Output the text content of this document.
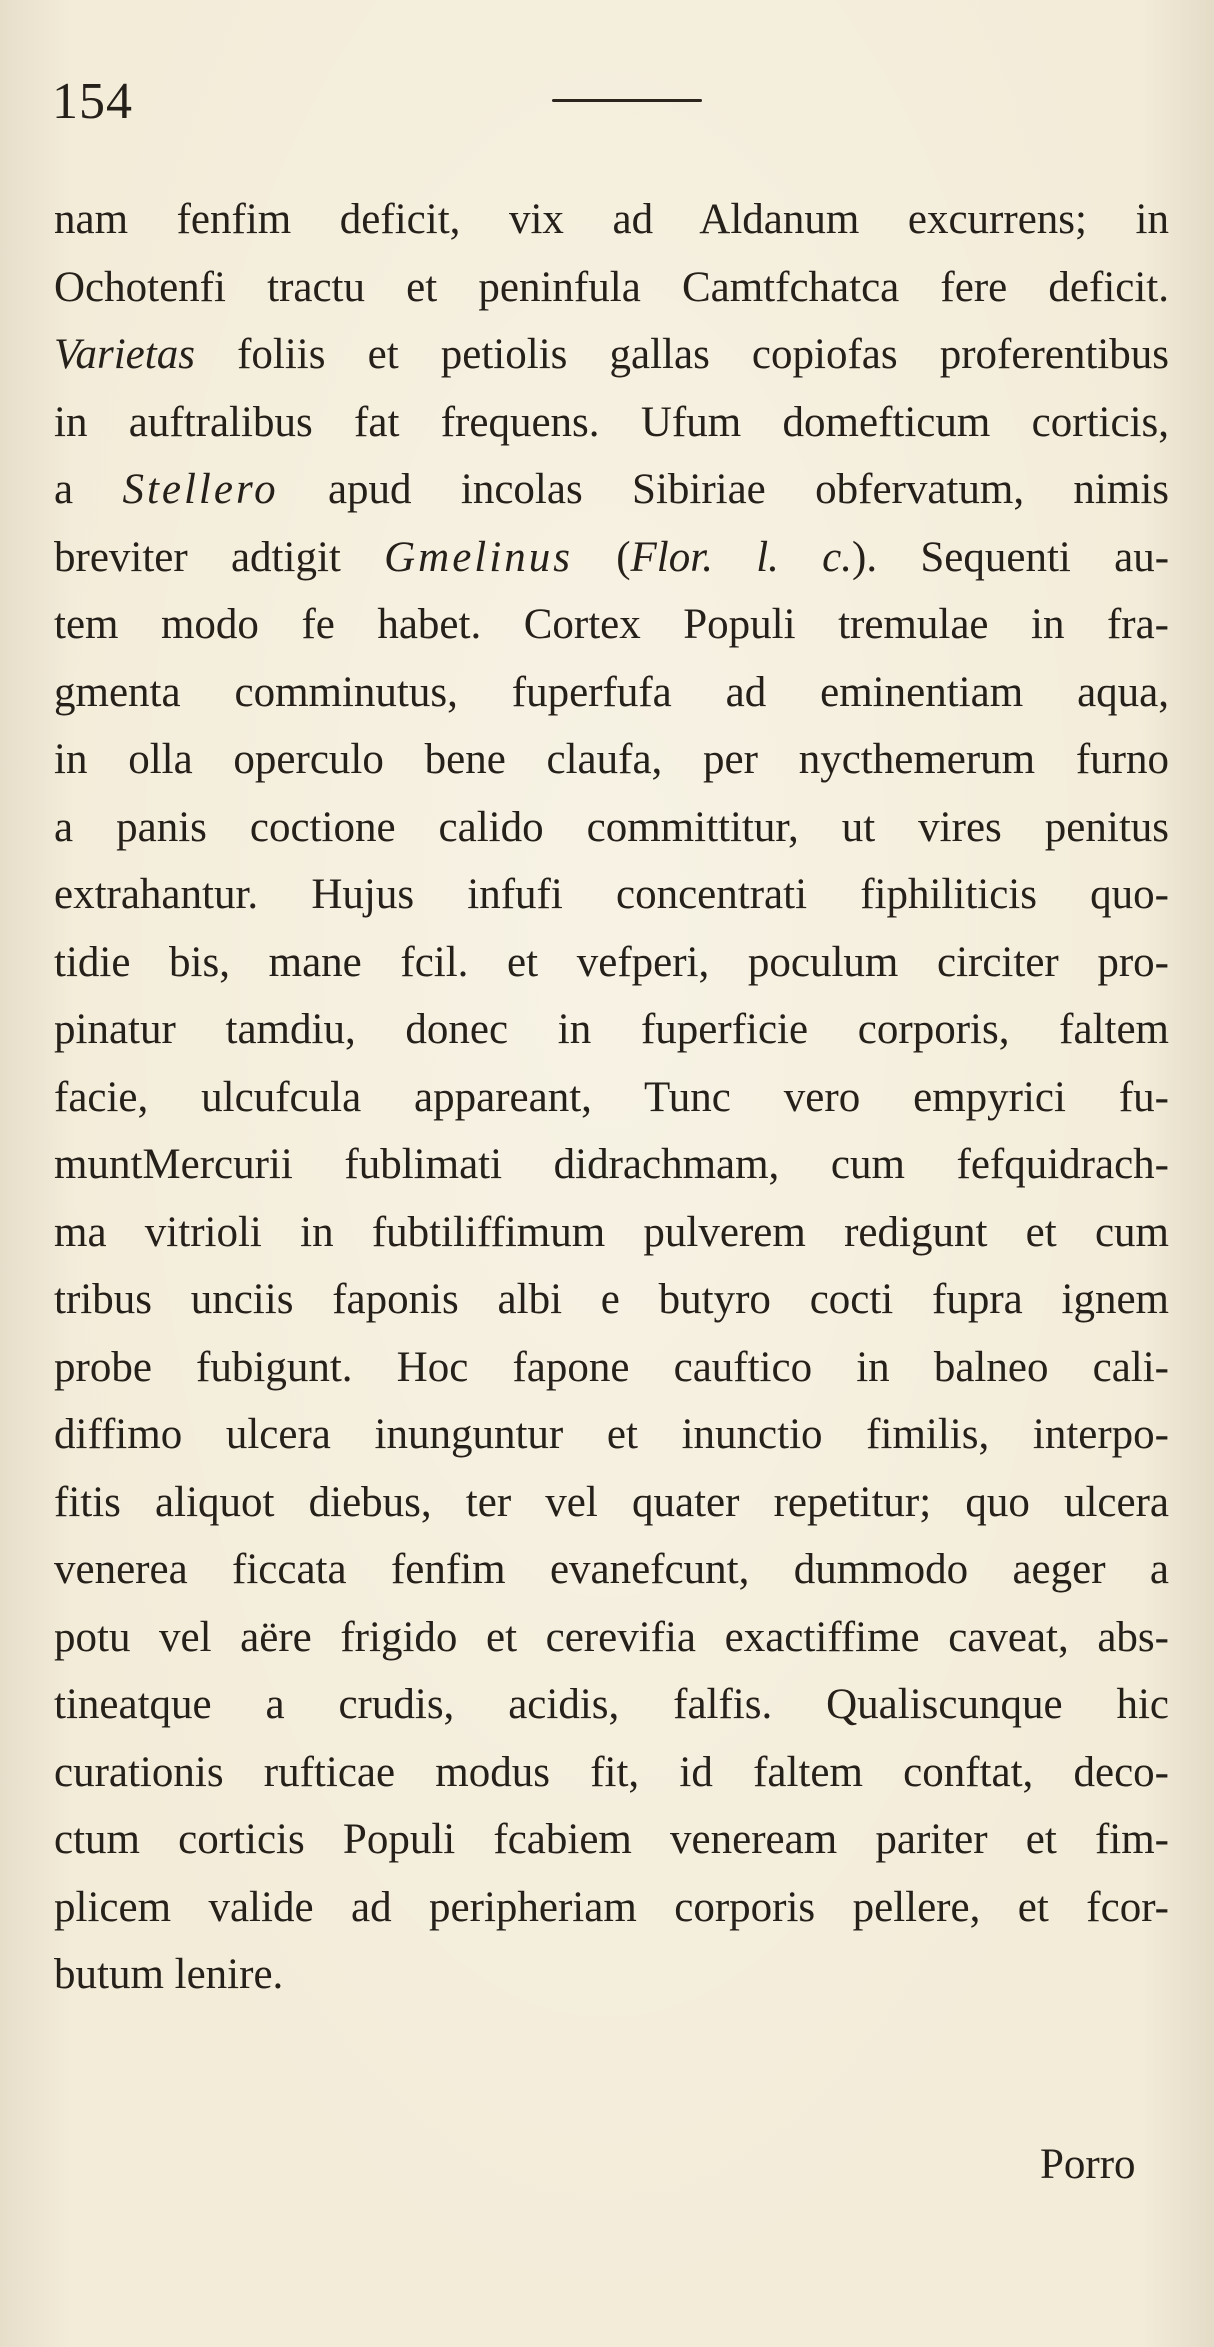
154
nam fenfim deficit, vix ad Aldanum excurrens; in
Ochotenfi tractu et peninfula Camtfchatca fere deficit.
Varietas foliis et petiolis gallas copiofas proferentibus
in auftralibus fat frequens. Ufum domefticum corticis,
a Stellero apud incolas Sibiriae obfervatum, nimis
breviter adtigit Gmelinus (Flor. l. c.). Sequenti au-
tem modo fe habet. Cortex Populi tremulae in fra-
gmenta comminutus, fuperfufa ad eminentiam aqua,
in olla operculo bene claufa, per nycthemerum furno
a panis coctione calido committitur, ut vires penitus
extrahantur. Hujus infufi concentrati fiphiliticis quo-
tidie bis, mane fcil. et vefperi, poculum circiter pro-
pinatur tamdiu, donec in fuperficie corporis, faltem
facie, ulcufcula appareant, Tunc vero empyrici fu-
muntMercurii fublimati didrachmam, cum fefquidrach-
ma vitrioli in fubtiliffimum pulverem redigunt et cum
tribus unciis faponis albi e butyro cocti fupra ignem
probe fubigunt. Hoc fapone cauftico in balneo cali-
diffimo ulcera inunguntur et inunctio fimilis, interpo-
fitis aliquot diebus, ter vel quater repetitur; quo ulcera
venerea ficcata fenfim evanefcunt, dummodo aeger a
potu vel aëre frigido et cerevifia exactiffime caveat, abs-
tineatque a crudis, acidis, falfis. Qualiscunque hic
curationis rufticae modus fit, id faltem conftat, deco-
ctum corticis Populi fcabiem veneream pariter et fim-
plicem valide ad peripheriam corporis pellere, et fcor-
butum lenire.
Porro
